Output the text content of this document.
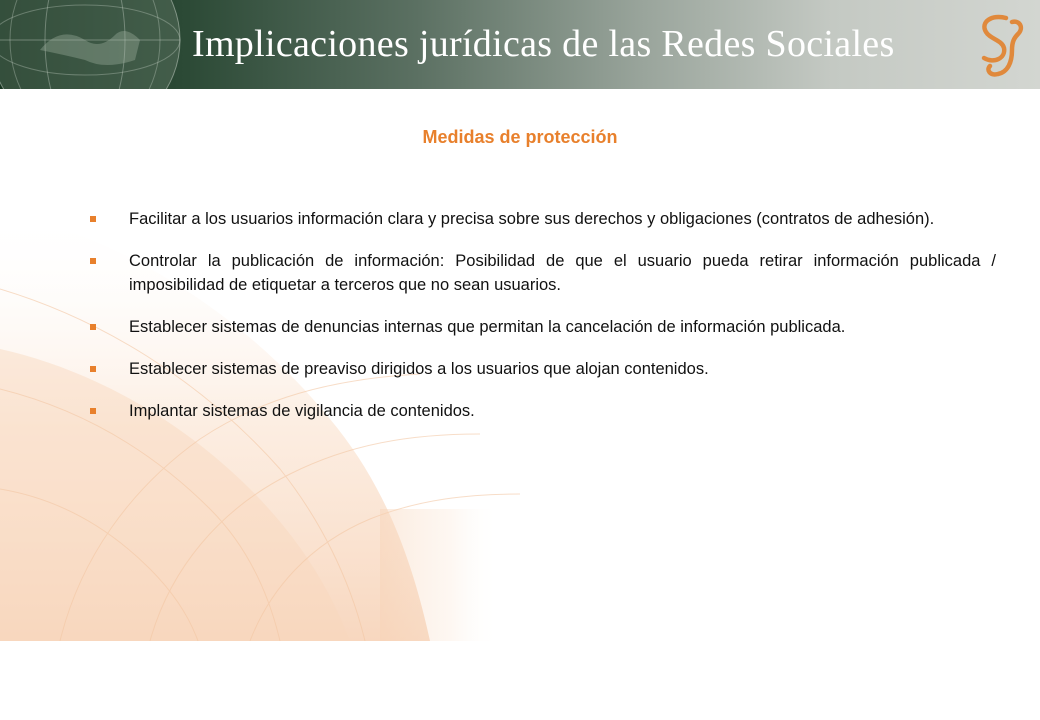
Implicaciones jurídicas de las Redes Sociales
Medidas de protección
Facilitar a los usuarios información clara y precisa sobre sus derechos y obligaciones (contratos de adhesión).
Controlar la publicación de información: Posibilidad de que el usuario pueda retirar información publicada / imposibilidad de etiquetar a terceros que no sean usuarios.
Establecer sistemas de denuncias internas que permitan la cancelación de información publicada.
Establecer sistemas de preaviso dirigidos a los usuarios que alojan contenidos.
Implantar sistemas de vigilancia de contenidos.
